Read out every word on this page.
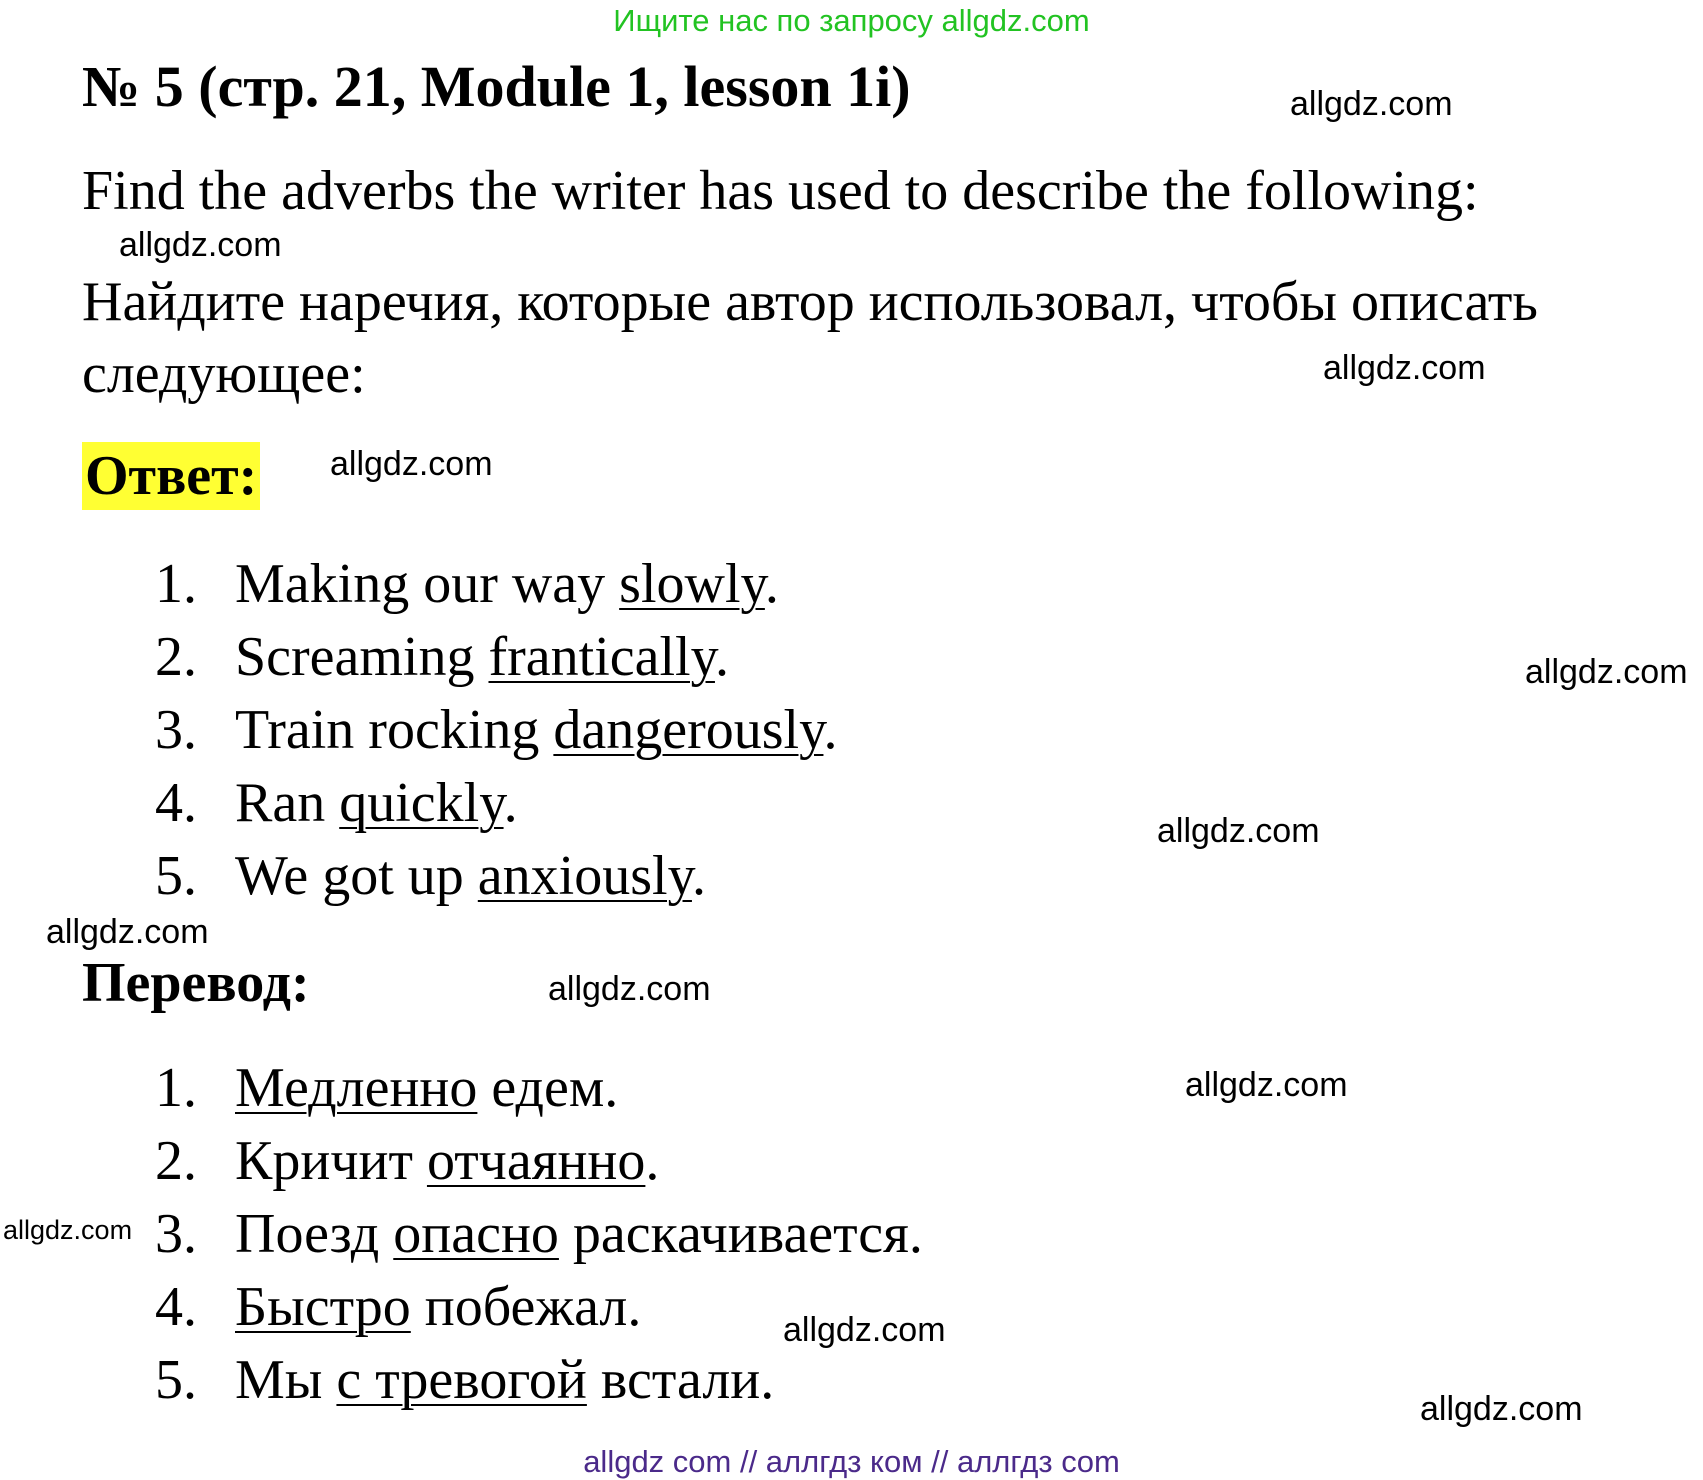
Ищите нас по запросу allgdz.com
№ 5 (стр. 21, Module 1, lesson 1i)
Find the adverbs the writer has used to describe the following:
Найдите наречия, которые автор использовал, чтобы описать следующее:
Ответ:
1. Making our way slowly.
2. Screaming frantically.
3. Train rocking dangerously.
4. Ran quickly.
5. We got up anxiously.
Перевод:
1. Медленно едем.
2. Кричит отчаянно.
3. Поезд опасно раскачивается.
4. Быстро побежал.
5. Мы с тревогой встали.
allgdz.com
allgdz.com
allgdz.com
allgdz.com
allgdz.com
allgdz.com
allgdz.com
allgdz.com
allgdz.com
allgdz.com
allgdz.com
allgdz.com
allgdz com // аллгдз ком // аллгдз com
